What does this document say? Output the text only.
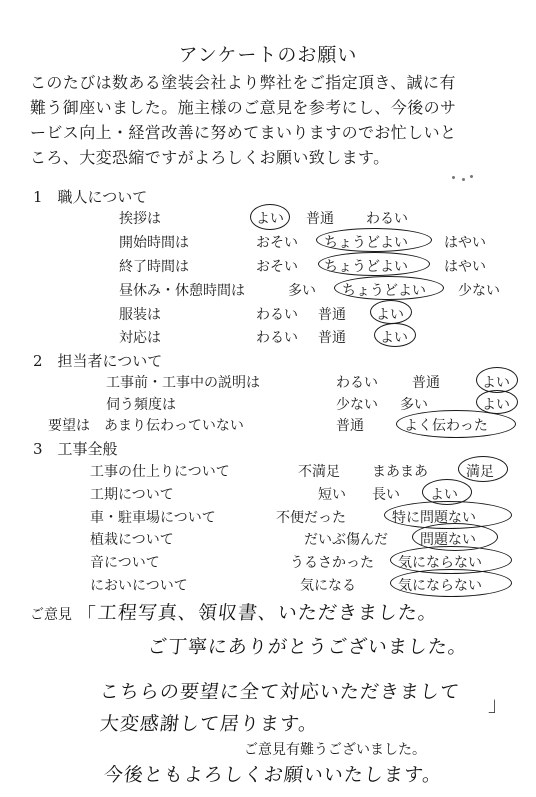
アンケートのお願い
このたびは数ある塗装会社より弊社をご指定頂き、誠に有
難う御座いました。施主様のご意見を参考にし、今後のサ
ービス向上・経営改善に努めてまいりますのでお忙しいと
ころ、大変恐縮ですがよろしくお願い致します。
1　職人について
挨拶は	よい 普通 わるい
開始時間は	おそい ちょうどよい	はやい
終了時間は	おそい ちょうどよい	はやい
昼休み・休憩時間は	多い ちょうどよい 少ない
服装は	わるい 普通 よい
対応は	わるい 普通 よい
2　担当者について
工事前・工事中の説明は	わるい 普通	よい
伺う頻度は	少ない 多い	よい
要望は あまり伝わっていない	普通	よく伝わった
3　工事全般
工事の仕上りについて	不満足 まあまあ	満足
工期について	短い 長い よい
車・駐車場について	不便だった	特に問題ない
植栽について	だいぶ傷んだ 問題ない
音について	うるさかった 気にならない
においについて	気になる	気にならない
ご意見 「 工程写真、領収書、いただきました。
ご丁寧にありがとうございました。
こちらの要望に全て対応いただきまして 」
大変感謝して居ります。
ご意見有難うございました。
今後ともよろしくお願いいたします。
